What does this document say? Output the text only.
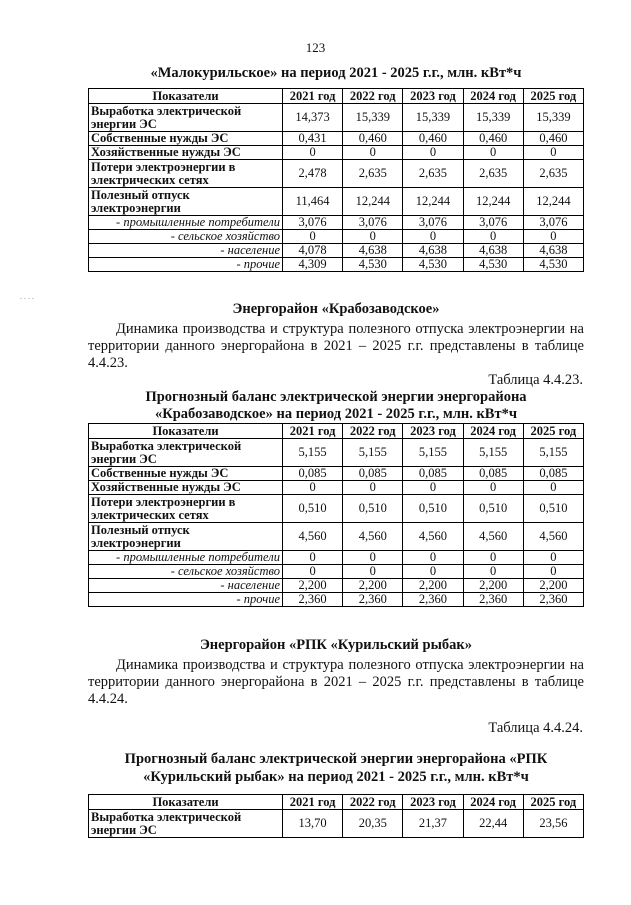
123
«Малокурильское» на период 2021 - 2025 г.г., млн. кВт*ч
Показатели	2021 год	2022 год	2023 год	2024 год	2025 год
Выработка электрической энергии ЭС	14,373	15,339	15,339	15,339	15,339
Собственные нужды ЭС	0,431	0,460	0,460	0,460	0,460
Хозяйственные нужды ЭС	0	0	0	0	0
Потери электроэнергии в электрических сетях	2,478	2,635	2,635	2,635	2,635
Полезный отпуск электроэнергии	11,464	12,244	12,244	12,244	12,244
- промышленные потребители	3,076	3,076	3,076	3,076	3,076
- сельское хозяйство	0	0	0	0	0
- население	4,078	4,638	4,638	4,638	4,638
- прочие	4,309	4,530	4,530	4,530	4,530
∙∙∙∙
Энергорайон «Крабозаводское»
Динамика производства и структура полезного отпуска электроэнергии на территории данного энергорайона в 2021 – 2025 г.г. представлены в таблице 4.4.23.
Таблица 4.4.23.
Прогнозный баланс электрической энергии энергорайона
«Крабозаводское» на период 2021 - 2025 г.г., млн. кВт*ч
Показатели	2021 год	2022 год	2023 год	2024 год	2025 год
Выработка электрической энергии ЭС	5,155	5,155	5,155	5,155	5,155
Собственные нужды ЭС	0,085	0,085	0,085	0,085	0,085
Хозяйственные нужды ЭС	0	0	0	0	0
Потери электроэнергии в электрических сетях	0,510	0,510	0,510	0,510	0,510
Полезный отпуск электроэнергии	4,560	4,560	4,560	4,560	4,560
- промышленные потребители	0	0	0	0	0
- сельское хозяйство	0	0	0	0	0
- население	2,200	2,200	2,200	2,200	2,200
- прочие	2,360	2,360	2,360	2,360	2,360
Энергорайон «РПК «Курильский рыбак»
Динамика производства и структура полезного отпуска электроэнергии на территории данного энергорайона в 2021 – 2025 г.г. представлены в таблице 4.4.24.
Таблица 4.4.24.
Прогнозный баланс электрической энергии энергорайона «РПК
«Курильский рыбак» на период 2021 - 2025 г.г., млн. кВт*ч
Показатели	2021 год	2022 год	2023 год	2024 год	2025 год
Выработка электрической энергии ЭС	13,70	20,35	21,37	22,44	23,56
